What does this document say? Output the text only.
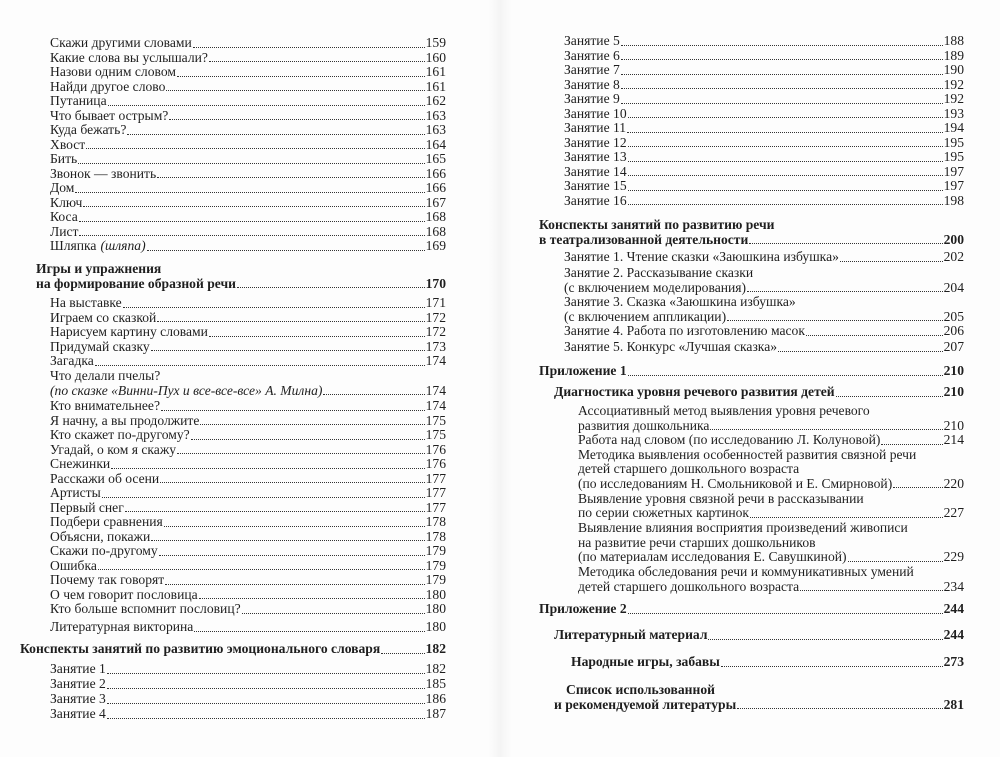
Скажи другими словами	159
Какие слова вы услышали?	160
Назови одним словом	161
Найди другое слово	161
Путаница	162
Что бывает острым?	163
Куда бежать?	163
Хвост	164
Бить	165
Звонок — звонить	166
Дом	166
Ключ	167
Коса	168
Лист	168
Шляпка (шляпа)	169
Игры и упражнения
на формирование образной речи	170
На выставке	171
Играем со сказкой	172
Нарисуем картину словами	172
Придумай сказку	173
Загадка	174
Что делали пчелы?
(по сказке «Винни-Пух и все-все-все» А. Милна)	174
Кто внимательнее?	174
Я начну, а вы продолжите	175
Кто скажет по-другому?	175
Угадай, о ком я скажу	176
Снежинки	176
Расскажи об осени	177
Артисты	177
Первый снег	177
Подбери сравнения	178
Объясни, покажи	178
Скажи по-другому	179
Ошибка	179
Почему так говорят	179
О чем говорит пословица	180
Кто больше вспомнит пословиц?	180
Литературная викторина	180
Конспекты занятий по развитию эмоционального словаря	182
Занятие 1	182
Занятие 2	185
Занятие 3	186
Занятие 4	187
Занятие 5	188
Занятие 6	189
Занятие 7	190
Занятие 8	192
Занятие 9	192
Занятие 10	193
Занятие 11	194
Занятие 12	195
Занятие 13	195
Занятие 14	197
Занятие 15	197
Занятие 16	198
Конспекты занятий по развитию речи
в театрализованной деятельности	200
Занятие 1. Чтение сказки «Заюшкина избушка»	202
Занятие 2. Рассказывание сказки
(с включением моделирования)	204
Занятие 3. Сказка «Заюшкина избушка»
(с включением аппликации)	205
Занятие 4. Работа по изготовлению масок	206
Занятие 5. Конкурс «Лучшая сказка»	207
Приложение 1	210
Диагностика уровня речевого развития детей	210
Ассоциативный метод выявления уровня речевого
развития дошкольника	210
Работа над словом (по исследованию Л. Колуновой)	214
Методика выявления особенностей развития связной речи
детей старшего дошкольного возраста
(по исследованиям Н. Смольниковой и Е. Смирновой)	220
Выявление уровня связной речи в рассказывании
по серии сюжетных картинок	227
Выявление влияния восприятия произведений живописи
на развитие речи старших дошкольников
(по материалам исследования Е. Савушкиной)	229
Методика обследования речи и коммуникативных умений
детей старшего дошкольного возраста	234
Приложение 2	244
Литературный материал	244
Народные игры, забавы	273
Список использованной
и рекомендуемой литературы	281
